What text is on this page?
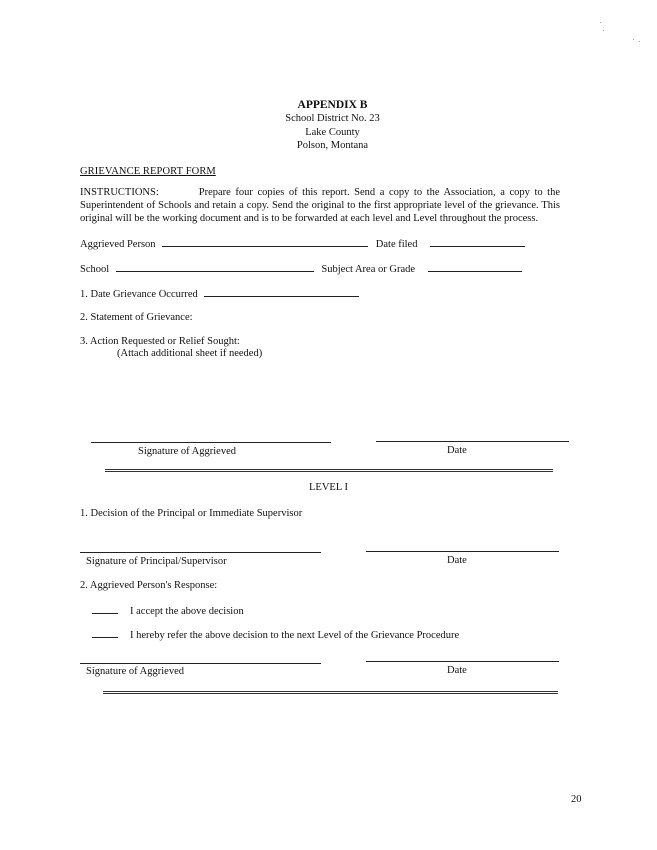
APPENDIX B
School District No. 23
Lake County
Polson, Montana
GRIEVANCE REPORT FORM
INSTRUCTIONS:	Prepare four copies of this report. Send a copy to the Association, a copy to the Superintendent of Schools and retain a copy. Send the original to the first appropriate level of the grievance. This original will be the working document and is to be forwarded at each level and Level throughout the process.
Aggrieved Person	Date filed
School	Subject Area or Grade
1. Date Grievance Occurred
2. Statement of Grievance:
3. Action Requested or Relief Sought:
(Attach additional sheet if needed)
Signature of Aggrieved	Date
LEVEL I
1. Decision of the Principal or Immediate Supervisor
Signature of Principal/Supervisor	Date
2. Aggrieved Person's Response:
I accept the above decision
I hereby refer the above decision to the next Level of the Grievance Procedure
Signature of Aggrieved	Date
20
